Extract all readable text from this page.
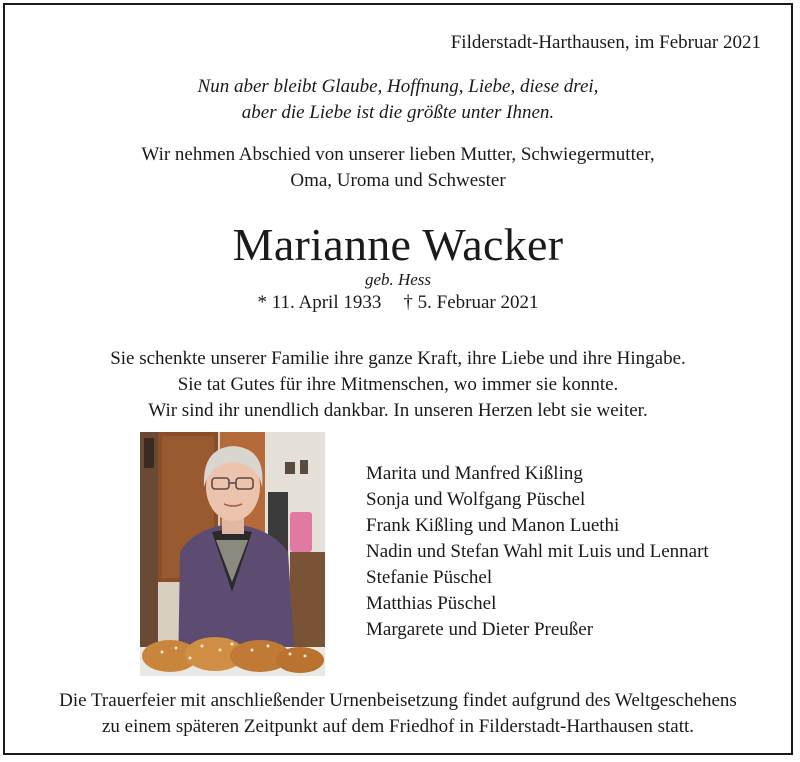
Filderstadt-Harthausen, im Februar 2021
Nun aber bleibt Glaube, Hoffnung, Liebe, diese drei,
aber die Liebe ist die größte unter Ihnen.
Wir nehmen Abschied von unserer lieben Mutter, Schwiegermutter,
Oma, Uroma und Schwester
Marianne Wacker
geb. Hess
* 11. April 1933 † 5. Februar 2021
Sie schenkte unserer Familie ihre ganze Kraft, ihre Liebe und ihre Hingabe.
Sie tat Gutes für ihre Mitmenschen, wo immer sie konnte.
Wir sind ihr unendlich dankbar. In unseren Herzen lebt sie weiter.
Marita und Manfred Kißling
Sonja und Wolfgang Püschel
Frank Kißling und Manon Luethi
Nadin und Stefan Wahl mit Luis und Lennart
Stefanie Püschel
Matthias Püschel
Margarete und Dieter Preußer
Die Trauerfeier mit anschließender Urnenbeisetzung findet aufgrund des Weltgeschehens
zu einem späteren Zeitpunkt auf dem Friedhof in Filderstadt-Harthausen statt.
